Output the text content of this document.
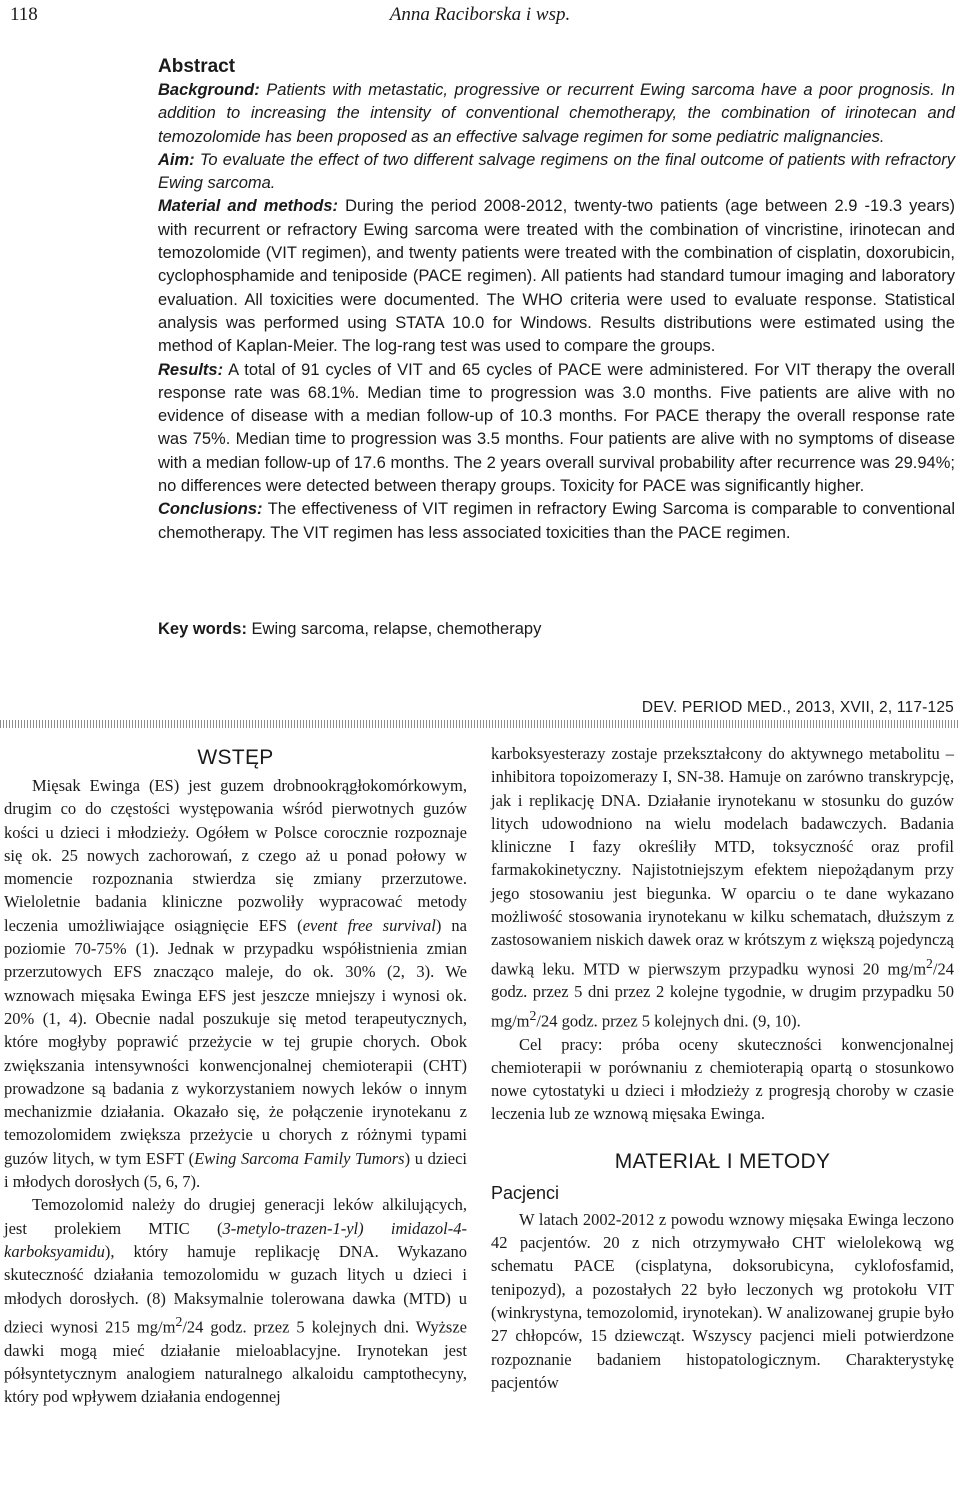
118	Anna Raciborska i wsp.
Abstract

Background: Patients with metastatic, progressive or recurrent Ewing sarcoma have a poor prognosis. In addition to increasing the intensity of conventional chemotherapy, the combination of irinotecan and temozolomide has been proposed as an effective salvage regimen for some pediatric malignancies.

Aim: To evaluate the effect of two different salvage regimens on the final outcome of patients with refractory Ewing sarcoma.

Material and methods: During the period 2008-2012, twenty-two patients (age between 2.9 -19.3 years) with recurrent or refractory Ewing sarcoma were treated with the combination of vincristine, irinotecan and temozolomide (VIT regimen), and twenty patients were treated with the combination of cisplatin, doxorubicin, cyclophosphamide and teniposide (PACE regimen). All patients had standard tumour imaging and laboratory evaluation. All toxicities were documented. The WHO criteria were used to evaluate response. Statistical analysis was performed using STATA 10.0 for Windows. Results distributions were estimated using the method of Kaplan-Meier. The log-rang test was used to compare the groups.

Results: A total of 91 cycles of VIT and 65 cycles of PACE were administered. For VIT therapy the overall response rate was 68.1%. Median time to progression was 3.0 months. Five patients are alive with no evidence of disease with a median follow-up of 10.3 months. For PACE therapy the overall response rate was 75%. Median time to progression was 3.5 months. Four patients are alive with no symptoms of disease with a median follow-up of 17.6 months. The 2 years overall survival probability after recurrence was 29.94%; no differences were detected between therapy groups. Toxicity for PACE was significantly higher.

Conclusions: The effectiveness of VIT regimen in refractory Ewing Sarcoma is comparable to conventional chemotherapy. The VIT regimen has less associated toxicities than the PACE regimen.

Key words: Ewing sarcoma, relapse, chemotherapy
DEV. PERIOD MED., 2013, XVII, 2, 117-125
WSTĘP

Mięsak Ewinga (ES) jest guzem drobnookrągłokomórkowym, drugim co do częstości występowania wśród pierwotnych guzów kości u dzieci i młodzieży. Ogółem w Polsce corocznie rozpoznaje się ok. 25 nowych zachorowań, z czego aż u ponad połowy w momencie rozpoznania stwierdza się zmiany przerzutowe. Wieloletnie badania kliniczne pozwoliły wypracować metody leczenia umożliwiające osiągnięcie EFS (event free survival) na poziomie 70-75% (1). Jednak w przypadku współistnienia zmian przerzutowych EFS znacząco maleje, do ok. 30% (2, 3). We wznowach mięsaka Ewinga EFS jest jeszcze mniejszy i wynosi ok. 20% (1, 4). Obecnie nadal poszukuje się metod terapeutycznych, które mogłyby poprawić przeżycie w tej grupie chorych. Obok zwiększania intensywności konwencjonalnej chemioterapii (CHT) prowadzone są badania z wykorzystaniem nowych leków o innym mechanizmie działania. Okazało się, że połączenie irynotekanu z temozolomidem zwiększa przeżycie u chorych z różnymi typami guzów litych, w tym ESFT (Ewing Sarcoma Family Tumors) u dzieci i młodych dorosłych (5, 6, 7).

Temozolomid należy do drugiej generacji leków alkilujących, jest prolekiem MTIC (3-metylo-trazen-1-yl) imidazol-4-karboksyamidu), który hamuje replikację DNA. Wykazano skuteczność działania temozolomidu w guzach litych u dzieci i młodych dorosłych. (8) Maksymalnie tolerowana dawka (MTD) u dzieci wynosi 215 $mg/m^2/24$ godz. przez 5 kolejnych dni. Wyższe dawki mogą mieć działanie mieloablacyjne. Irynotekan jest półsyntetycznym analogiem naturalnego alkaloidu camptothecyny, który pod wpływem działania endogennej

karboksyesterazy zostaje przekształcony do aktywnego metabolitu – inhibitora topoizomerazy I, SN-38. Hamuje on zarówno transkrypcję, jak i replikację DNA. Działanie irynotekanu w stosunku do guzów litych udowodniono na wielu modelach badawczych. Badania kliniczne I fazy określiły MTD, toksyczność oraz profil farmakokinetyczny. Najistotniejszym efektem niepożądanym przy jego stosowaniu jest biegunka. W oparciu o te dane wykazano możliwość stosowania irynotekanu w kilku schematach, dłuższym z zastosowaniem niskich dawek oraz w krótszym z większą pojedynczą dawką leku. MTD w pierwszym przypadku wynosi 20 $mg/m^2/24$ godz. przez 5 dni przez 2 kolejne tygodnie, w drugim przypadku 50 $mg/m^2/24$ godz. przez 5 kolejnych dni. (9, 10).

Cel pracy: próba oceny skuteczności konwencjonalnej chemioterapii w porównaniu z chemioterapią opartą o stosunkowo nowe cytostatyki u dzieci i młodzieży z progresją choroby w czasie leczenia lub ze wznową mięsaka Ewinga.

MATERIAŁ I METODY
Pacjenci

W latach 2002-2012 z powodu wznowy mięsaka Ewinga leczono 42 pacjentów. 20 z nich otrzymywało CHT wielolekową wg schematu PACE (cisplatyna, doksorubicyna, cyklofosfamid, tenipozyd), a pozostałych 22 było leczonych wg protokołu VIT (winkrystyna, temozolomid, irynotekan). W analizowanej grupie było 27 chłopców, 15 dziewcząt. Wszyscy pacjenci mieli potwierdzone rozpoznanie badaniem histopatologicznym. Charakterystykę pacjentów
